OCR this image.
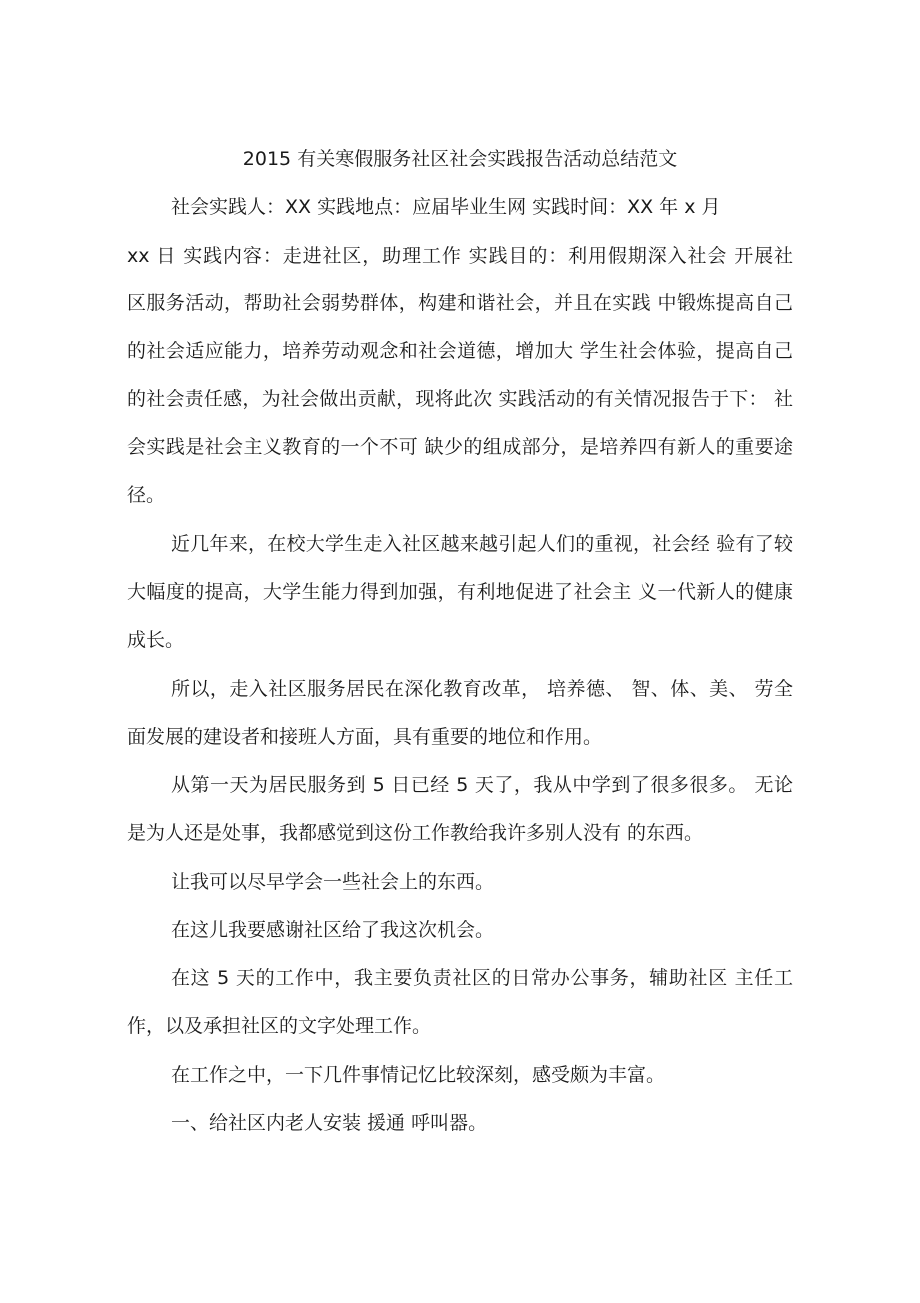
2015 有关寒假服务社区社会实践报告活动总结范文

社会实践人：XX 实践地点：应届毕业生网 实践时间：XX 年 x 月

xx 日 实践内容：走进社区，助理工作 实践目的：利用假期深入社会 开展社

区服务活动，帮助社会弱势群体，构建和谐社会，并且在实践 中锻炼提高自己

的社会适应能力，培养劳动观念和社会道德，增加大 学生社会体验，提高自己

的社会责任感，为社会做出贡献，现将此次 实践活动的有关情况报告于下： 社

会实践是社会主义教育的一个不可 缺少的组成部分，是培养四有新人的重要途

径。

近几年来，在校大学生走入社区越来越引起人们的重视，社会经 验有了较

大幅度的提高，大学生能力得到加强，有利地促进了社会主 义一代新人的健康

成长。

所以，走入社区服务居民在深化教育改革， 培养德、 智、体、美、 劳全

面发展的建设者和接班人方面，具有重要的地位和作用。

从第一天为居民服务到 5 日已经 5 天了，我从中学到了很多很多。 无论

是为人还是处事，我都感觉到这份工作教给我许多别人没有 的东西。

让我可以尽早学会一些社会上的东西。

在这儿我要感谢社区给了我这次机会。

在这 5 天的工作中，我主要负责社区的日常办公事务，辅助社区 主任工

作，以及承担社区的文字处理工作。

在工作之中，一下几件事情记忆比较深刻，感受颇为丰富。

一、给社区内老人安装 援通 呼叫器。
